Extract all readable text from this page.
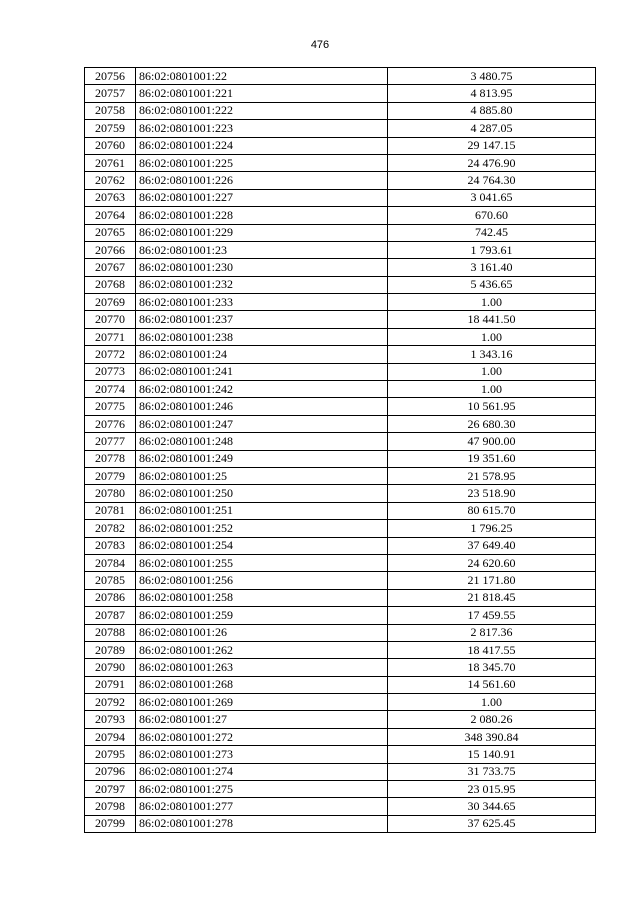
476
20756	86:02:0801001:22	3 480.75
20757	86:02:0801001:221	4 813.95
20758	86:02:0801001:222	4 885.80
20759	86:02:0801001:223	4 287.05
20760	86:02:0801001:224	29 147.15
20761	86:02:0801001:225	24 476.90
20762	86:02:0801001:226	24 764.30
20763	86:02:0801001:227	3 041.65
20764	86:02:0801001:228	670.60
20765	86:02:0801001:229	742.45
20766	86:02:0801001:23	1 793.61
20767	86:02:0801001:230	3 161.40
20768	86:02:0801001:232	5 436.65
20769	86:02:0801001:233	1.00
20770	86:02:0801001:237	18 441.50
20771	86:02:0801001:238	1.00
20772	86:02:0801001:24	1 343.16
20773	86:02:0801001:241	1.00
20774	86:02:0801001:242	1.00
20775	86:02:0801001:246	10 561.95
20776	86:02:0801001:247	26 680.30
20777	86:02:0801001:248	47 900.00
20778	86:02:0801001:249	19 351.60
20779	86:02:0801001:25	21 578.95
20780	86:02:0801001:250	23 518.90
20781	86:02:0801001:251	80 615.70
20782	86:02:0801001:252	1 796.25
20783	86:02:0801001:254	37 649.40
20784	86:02:0801001:255	24 620.60
20785	86:02:0801001:256	21 171.80
20786	86:02:0801001:258	21 818.45
20787	86:02:0801001:259	17 459.55
20788	86:02:0801001:26	2 817.36
20789	86:02:0801001:262	18 417.55
20790	86:02:0801001:263	18 345.70
20791	86:02:0801001:268	14 561.60
20792	86:02:0801001:269	1.00
20793	86:02:0801001:27	2 080.26
20794	86:02:0801001:272	348 390.84
20795	86:02:0801001:273	15 140.91
20796	86:02:0801001:274	31 733.75
20797	86:02:0801001:275	23 015.95
20798	86:02:0801001:277	30 344.65
20799	86:02:0801001:278	37 625.45
